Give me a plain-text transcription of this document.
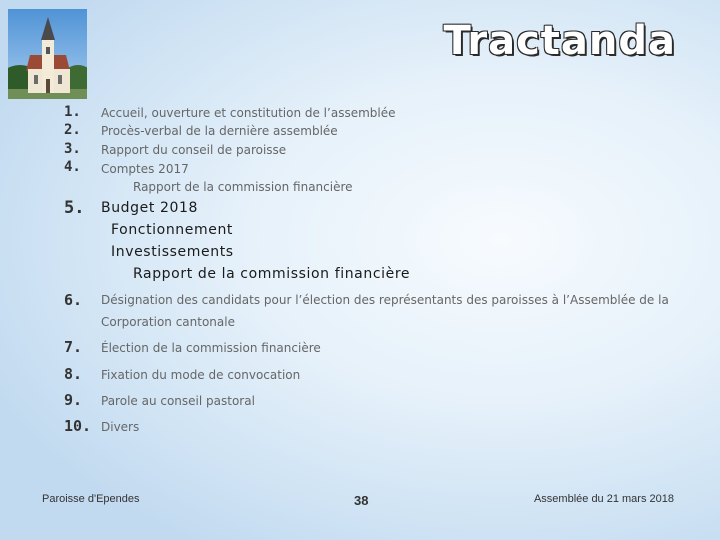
Tractanda
1. Accueil, ouverture et constitution de l’assemblée
2. Procès-verbal de la dernière assemblée
3. Rapport du conseil de paroisse
4. Comptes 2017
Rapport de la commission financière
5. Budget 2018
Fonctionnement
Investissements
Rapport de la commission financière
6. Désignation des candidats pour l’élection des représentants des paroisses à l’Assemblée de la
Corporation cantonale
7. Élection de la commission financière
8. Fixation du mode de convocation
9. Parole au conseil pastoral
10. Divers
Paroisse d'Ependes	38	Assemblée du 21 mars 2018
